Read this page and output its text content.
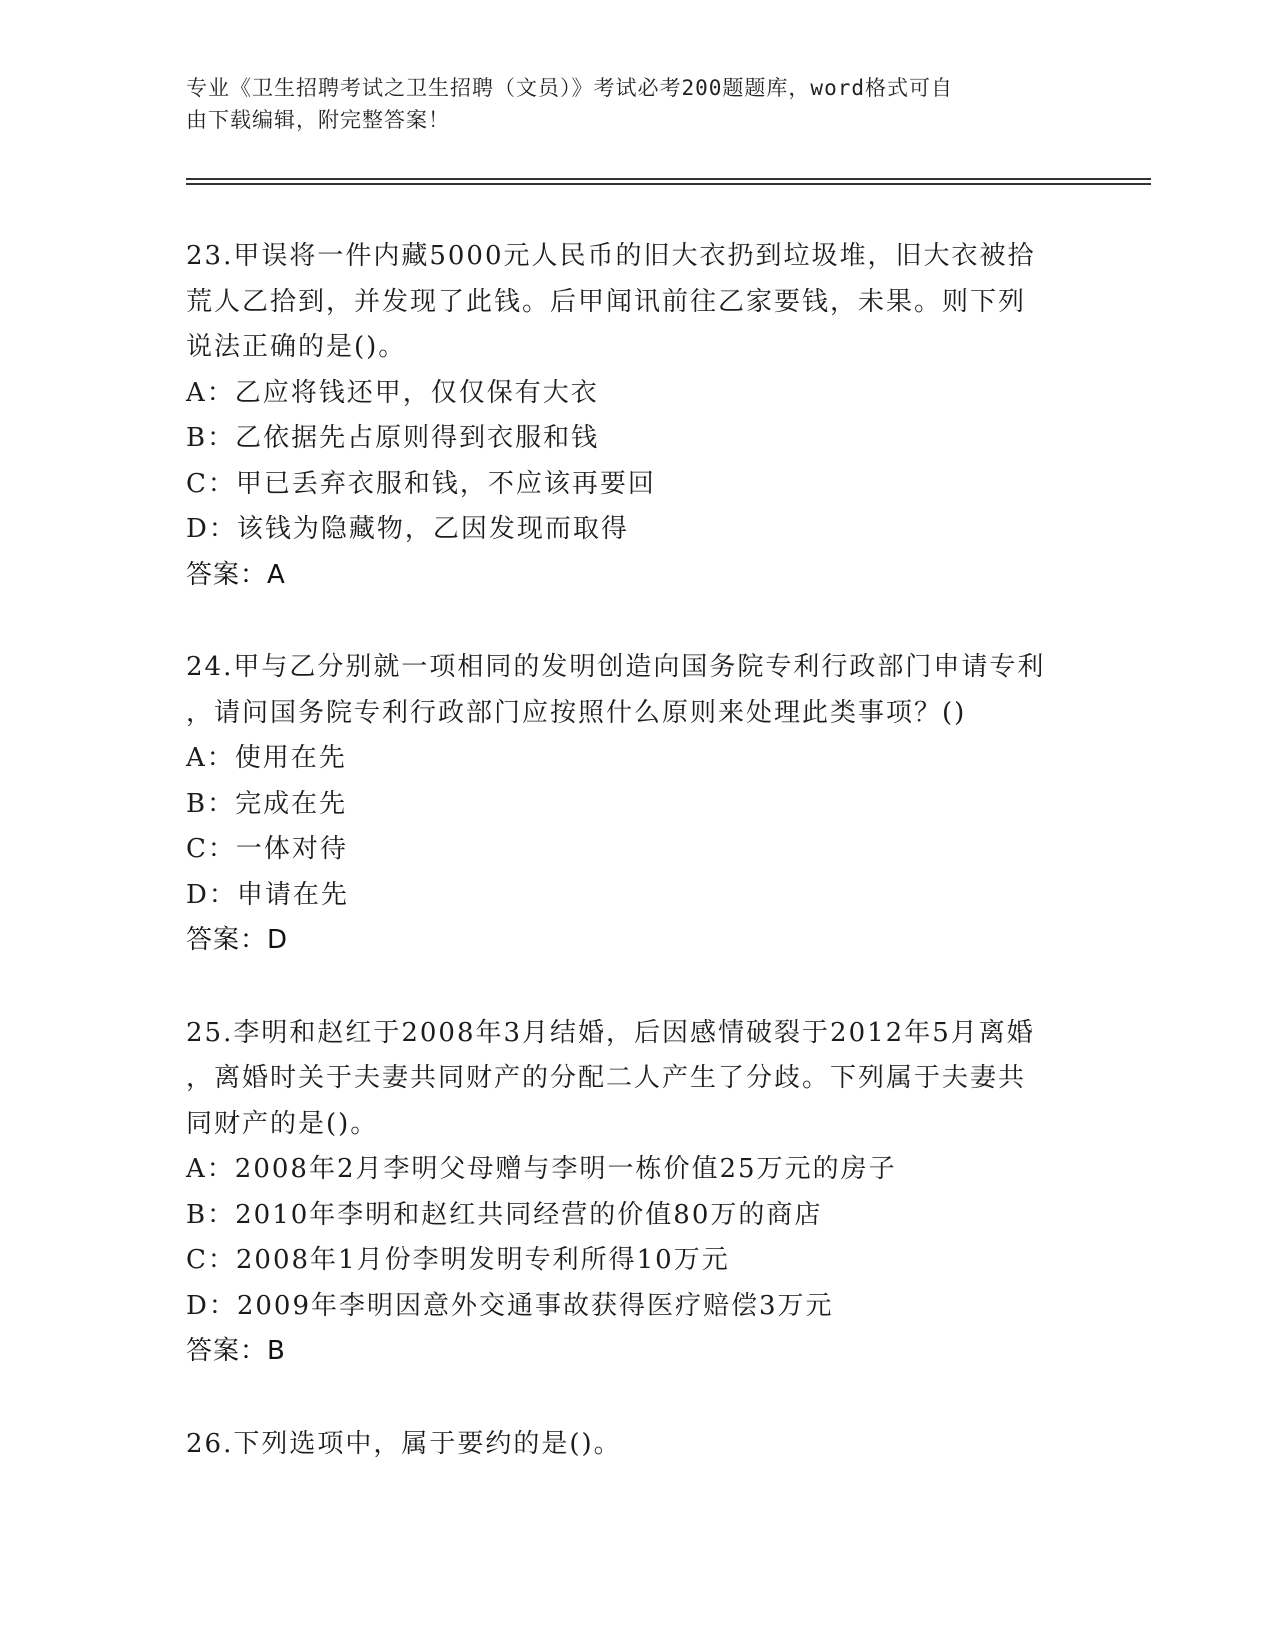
专业《卫生招聘考试之卫生招聘（文员）》考试必考200题题库，word格式可自
由下载编辑，附完整答案！
23.甲误将一件内藏5000元人民币的旧大衣扔到垃圾堆，旧大衣被拾
荒人乙拾到，并发现了此钱。后甲闻讯前往乙家要钱，未果。则下列
说法正确的是()。
A：乙应将钱还甲，仅仅保有大衣
B：乙依据先占原则得到衣服和钱
C：甲已丢弃衣服和钱，不应该再要回
D：该钱为隐藏物，乙因发现而取得
答案：A
24.甲与乙分别就一项相同的发明创造向国务院专利行政部门申请专利
，请问国务院专利行政部门应按照什么原则来处理此类事项？()
A：使用在先
B：完成在先
C：一体对待
D：申请在先
答案：D
25.李明和赵红于2008年3月结婚，后因感情破裂于2012年5月离婚
，离婚时关于夫妻共同财产的分配二人产生了分歧。下列属于夫妻共
同财产的是()。
A：2008年2月李明父母赠与李明一栋价值25万元的房子
B：2010年李明和赵红共同经营的价值80万的商店
C：2008年1月份李明发明专利所得10万元
D：2009年李明因意外交通事故获得医疗赔偿3万元
答案：B
26.下列选项中，属于要约的是()。
